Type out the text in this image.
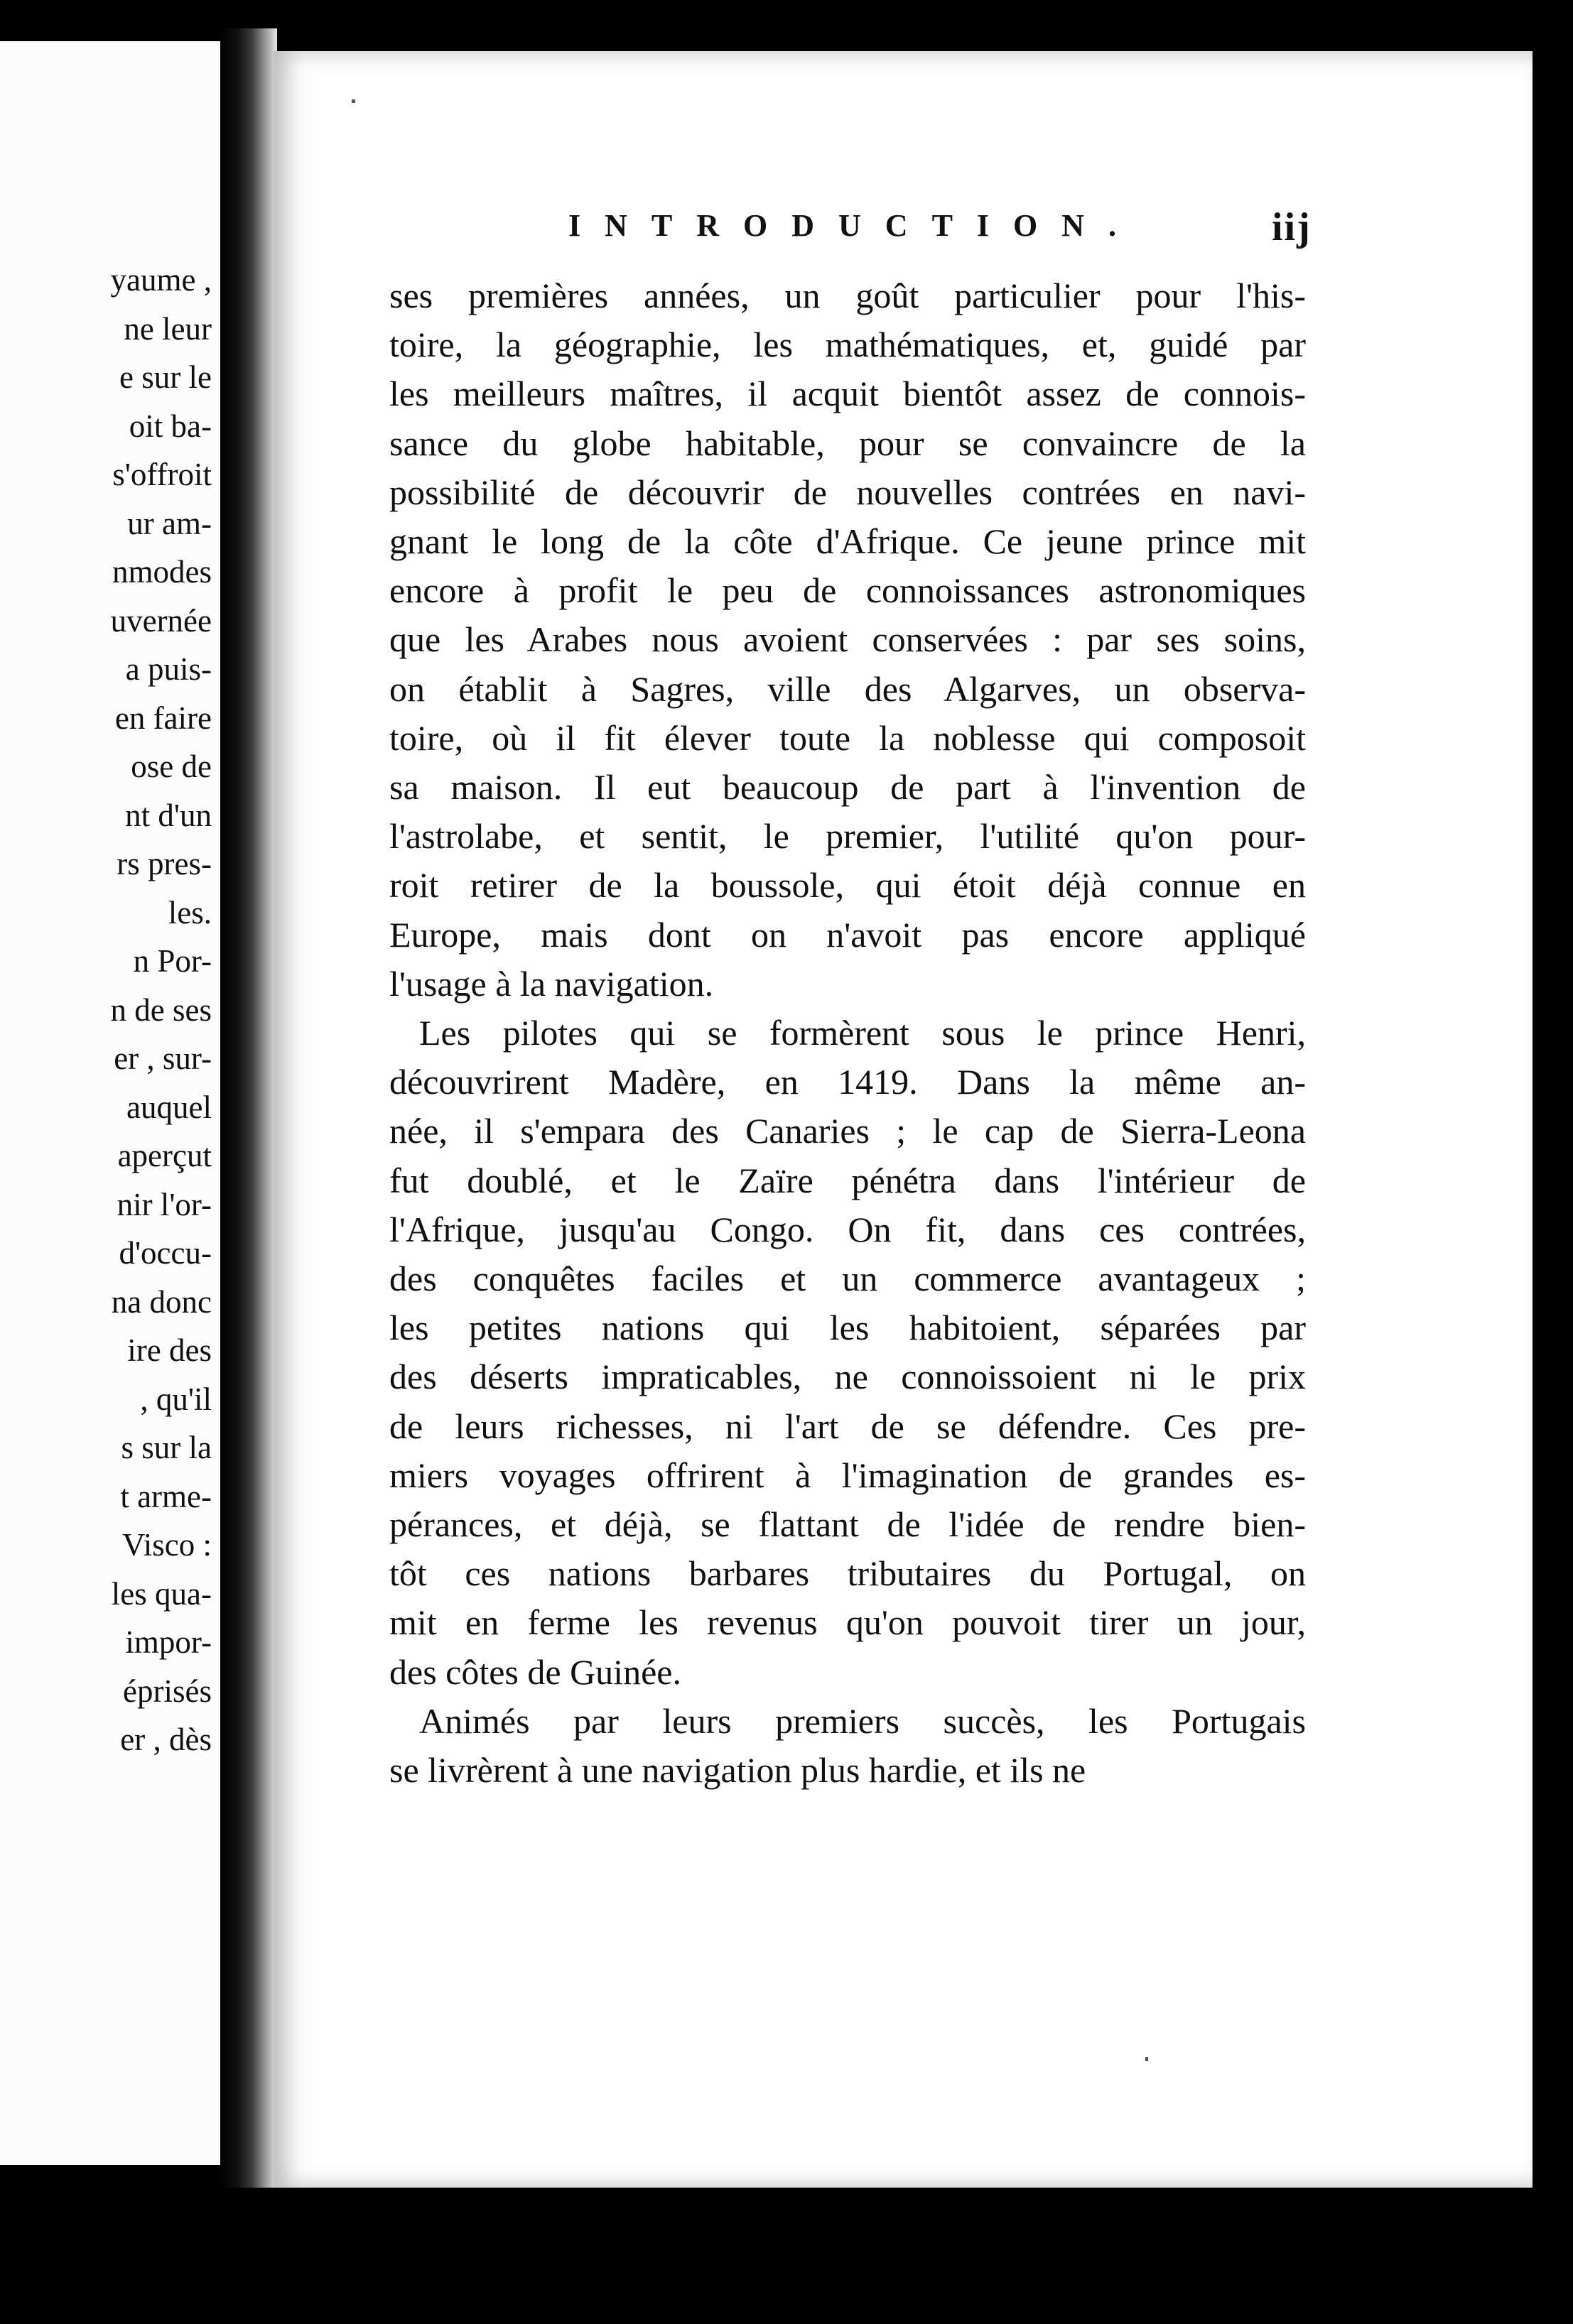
yaume ,
ne leur
e sur le
oit ba-
s'offroit
ur am-
nmodes
uvernée
a puis-
en faire
ose de
nt d'un
rs pres-
les.
n Por-
n de ses
er , sur-
auquel
aperçut
nir l'or-
d'occu-
na donc
ire des
, qu'il
s sur la
t arme-
Visco :
les qua-
impor-
éprisés
er , dès
INTRODUCTION.	iij
ses premières années, un goût particulier pour l'his-
toire, la géographie, les mathématiques, et, guidé par
les meilleurs maîtres, il acquit bientôt assez de connois-
sance du globe habitable, pour se convaincre de la
possibilité de découvrir de nouvelles contrées en navi-
gnant le long de la côte d'Afrique. Ce jeune prince mit
encore à profit le peu de connoissances astronomiques
que les Arabes nous avoient conservées : par ses soins,
on établit à Sagres, ville des Algarves, un observa-
toire, où il fit élever toute la noblesse qui composoit
sa maison. Il eut beaucoup de part à l'invention de
l'astrolabe, et sentit, le premier, l'utilité qu'on pour-
roit retirer de la boussole, qui étoit déjà connue en
Europe, mais dont on n'avoit pas encore appliqué
l'usage à la navigation.
Les pilotes qui se formèrent sous le prince Henri,
découvrirent Madère, en 1419. Dans la même an-
née, il s'empara des Canaries ; le cap de Sierra-Leona
fut doublé, et le Zaïre pénétra dans l'intérieur de
l'Afrique, jusqu'au Congo. On fit, dans ces contrées,
des conquêtes faciles et un commerce avantageux ;
les petites nations qui les habitoient, séparées par
des déserts impraticables, ne connoissoient ni le prix
de leurs richesses, ni l'art de se défendre. Ces pre-
miers voyages offrirent à l'imagination de grandes es-
pérances, et déjà, se flattant de l'idée de rendre bien-
tôt ces nations barbares tributaires du Portugal, on
mit en ferme les revenus qu'on pouvoit tirer un jour,
des côtes de Guinée.
Animés par leurs premiers succès, les Portugais
se livrèrent à une navigation plus hardie, et ils ne
